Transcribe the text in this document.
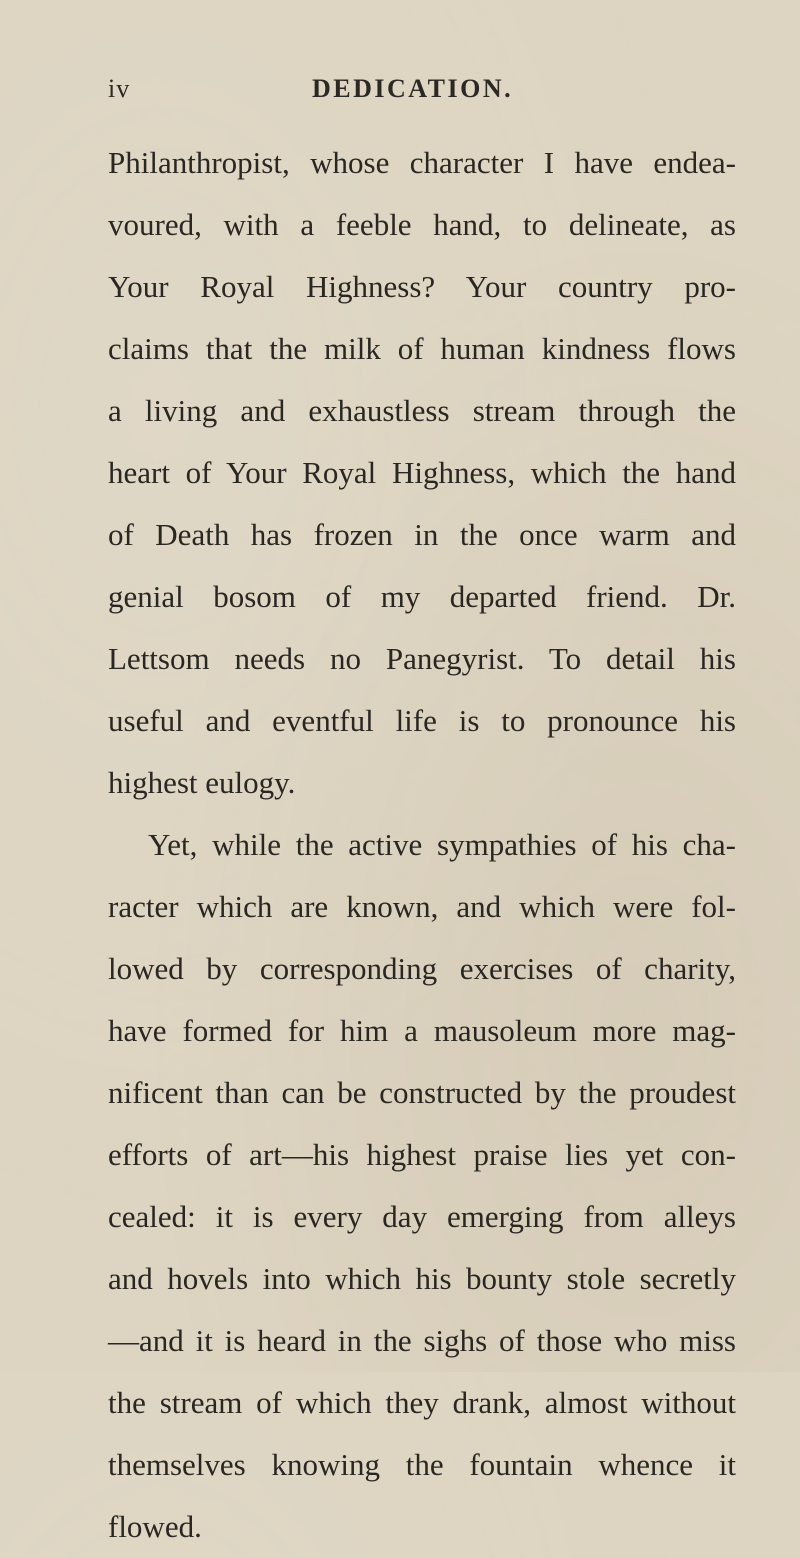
iv	DEDICATION.
Philanthropist, whose character I have endea-
voured, with a feeble hand, to delineate, as
Your Royal Highness? Your country pro-
claims that the milk of human kindness flows
a living and exhaustless stream through the
heart of Your Royal Highness, which the hand
of Death has frozen in the once warm and
genial bosom of my departed friend. Dr.
Lettsom needs no Panegyrist. To detail his
useful and eventful life is to pronounce his
highest eulogy.
Yet, while the active sympathies of his cha-
racter which are known, and which were fol-
lowed by corresponding exercises of charity,
have formed for him a mausoleum more mag-
nificent than can be constructed by the proudest
efforts of art—his highest praise lies yet con-
cealed: it is every day emerging from alleys
and hovels into which his bounty stole secretly
—and it is heard in the sighs of those who miss
the stream of which they drank, almost without
themselves knowing the fountain whence it
flowed.
